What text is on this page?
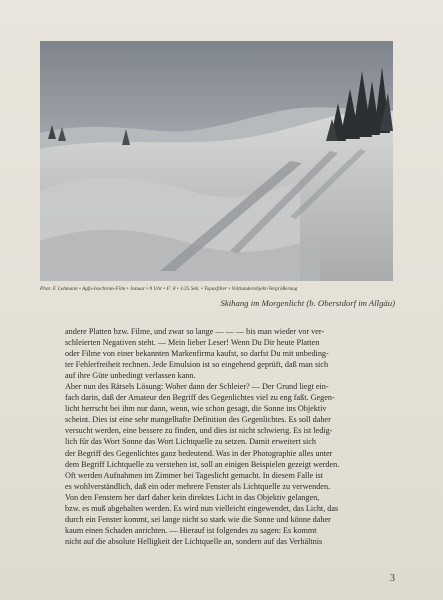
Phot. F. Lehmann • Agfa-Isochrom-Film • Januar • 9 Uhr • F: 8 • 1/25 Sek. • Topasfilter • Voltlanderobjekt-Vergrößerung
Skihang im Morgenlicht (b. Oberstdorf im Allgäu)
andere Platten bzw. Filme, und zwar so lange — — — bis man wieder vor ver-
schleierten Negativen steht. — Mein lieber Leser! Wenn Du Dir heute Platten
oder Filme von einer bekannten Markenfirma kaufst, so darfst Du mit unbeding-
ter Fehlerfreiheit rechnen. Jede Emulsion ist so eingehend geprüft, daß man sich
auf ihre Güte unbedingt verlassen kann.
Aber nun des Rätsels Lösung: Woher dann der Schleier? — Der Grund liegt ein-
fach darin, daß der Amateur den Begriff des Gegenlichtes viel zu eng faßt. Gegen-
licht herrscht bei ihm nur dann, wenn, wie schon gesagt, die Sonne ins Objektiv
scheint. Dies ist eine sehr mangelhafte Definition des Gegenlichtes. Es soll daher
versucht werden, eine bessere zu finden, und dies ist nicht schwierig. Es ist ledig-
lich für das Wort Sonne das Wort Lichtquelle zu setzen. Damit erweitert sich
der Begriff des Gegenlichtes ganz bedeutend. Was in der Photographie alles unter
dem Begriff Lichtquelle zu verstehen ist, soll an einigen Beispielen gezeigt werden.
Oft werden Aufnahmen im Zimmer bei Tageslicht gemacht. In diesem Falle ist
es wohlverständlich, daß ein oder mehrere Fenster als Lichtquelle zu verwenden.
Von den Fenstern her darf daher kein direktes Licht in das Objektiv gelangen,
bzw. es muß abgehalten werden. Es wird nun vielleicht eingewendet, das Licht, das
durch ein Fenster kommt, sei lange nicht so stark wie die Sonne und könne daher
kaum einen Schaden anrichten. — Hierauf ist folgendes zu sagen: Es kommt
nicht auf die absolute Helligkeit der Lichtquelle an, sondern auf das Verhältnis
3
